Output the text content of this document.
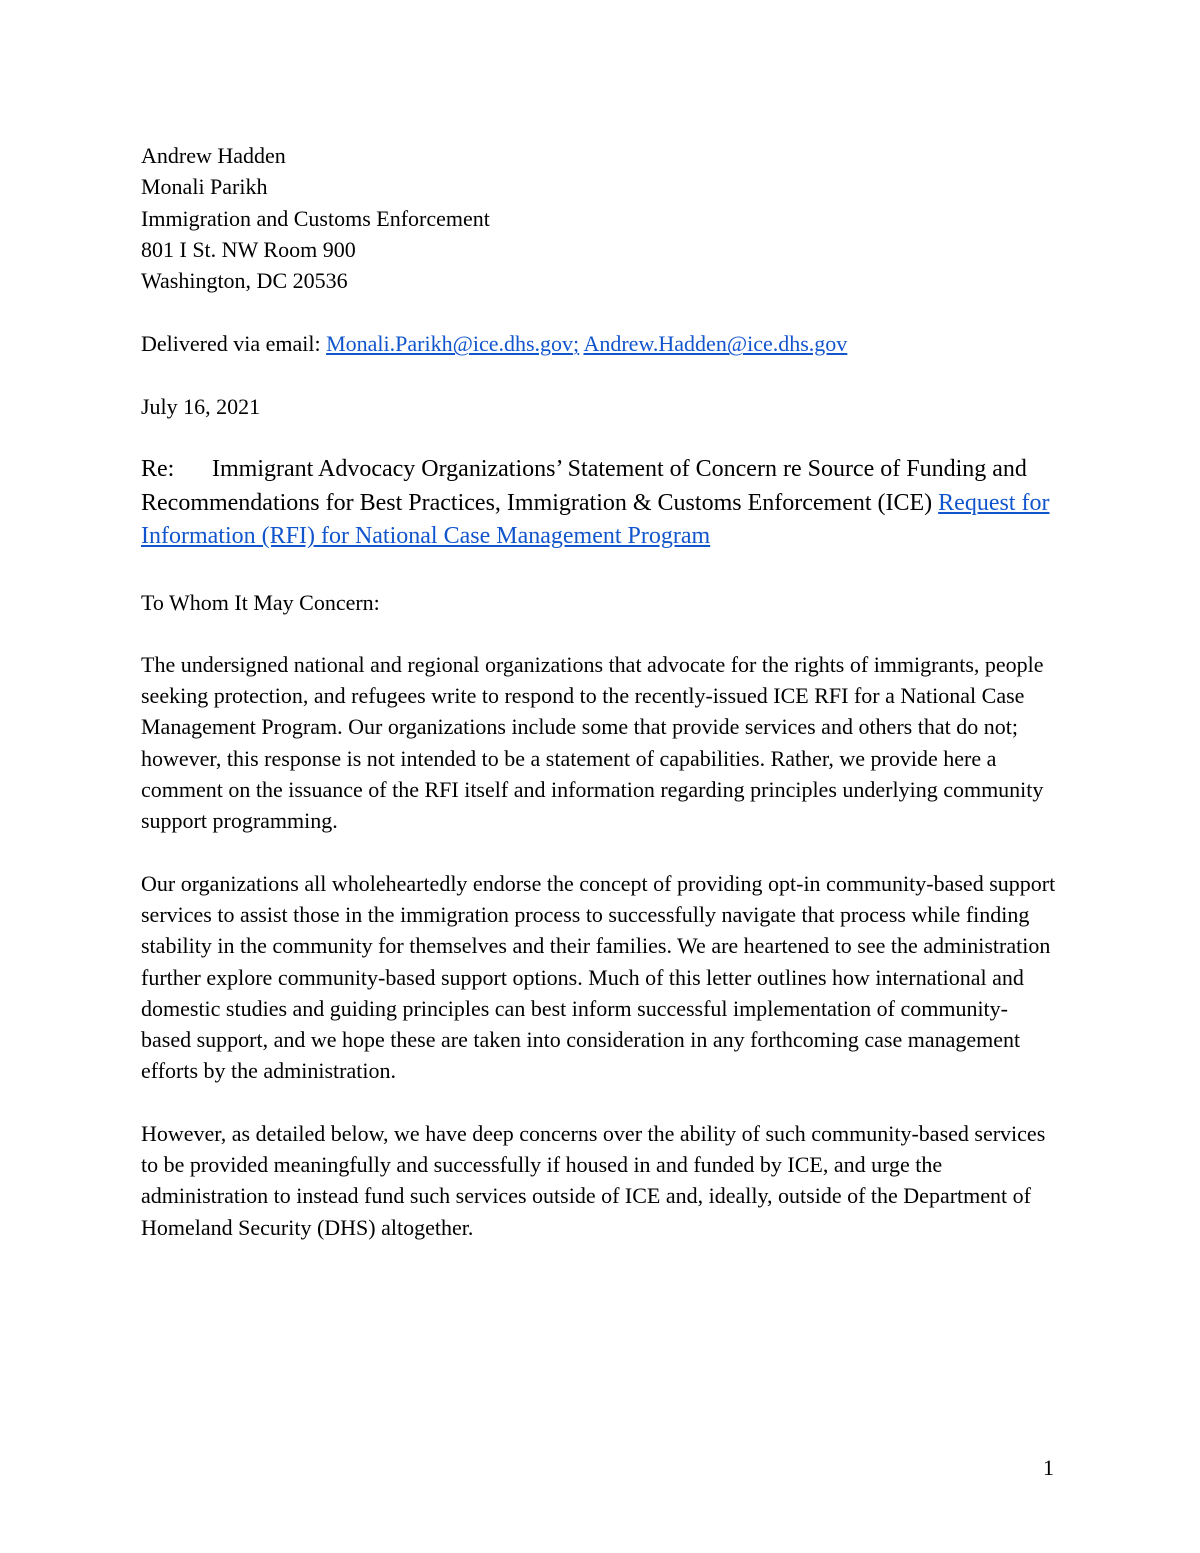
Andrew Hadden
Monali Parikh
Immigration and Customs Enforcement
801 I St. NW Room 900
Washington, DC 20536

Delivered via email: Monali.Parikh@ice.dhs.gov; Andrew.Hadden@ice.dhs.gov

July 16, 2021

Re: Immigrant Advocacy Organizations’ Statement of Concern re Source of Funding and Recommendations for Best Practices, Immigration & Customs Enforcement (ICE) Request for Information (RFI) for National Case Management Program

To Whom It May Concern:

The undersigned national and regional organizations that advocate for the rights of immigrants, people seeking protection, and refugees write to respond to the recently-issued ICE RFI for a National Case Management Program. Our organizations include some that provide services and others that do not; however, this response is not intended to be a statement of capabilities. Rather, we provide here a comment on the issuance of the RFI itself and information regarding principles underlying community support programming.

Our organizations all wholeheartedly endorse the concept of providing opt-in community-based support services to assist those in the immigration process to successfully navigate that process while finding stability in the community for themselves and their families. We are heartened to see the administration further explore community-based support options. Much of this letter outlines how international and domestic studies and guiding principles can best inform successful implementation of community-based support, and we hope these are taken into consideration in any forthcoming case management efforts by the administration.

However, as detailed below, we have deep concerns over the ability of such community-based services to be provided meaningfully and successfully if housed in and funded by ICE, and urge the administration to instead fund such services outside of ICE and, ideally, outside of the Department of Homeland Security (DHS) altogether.

1
